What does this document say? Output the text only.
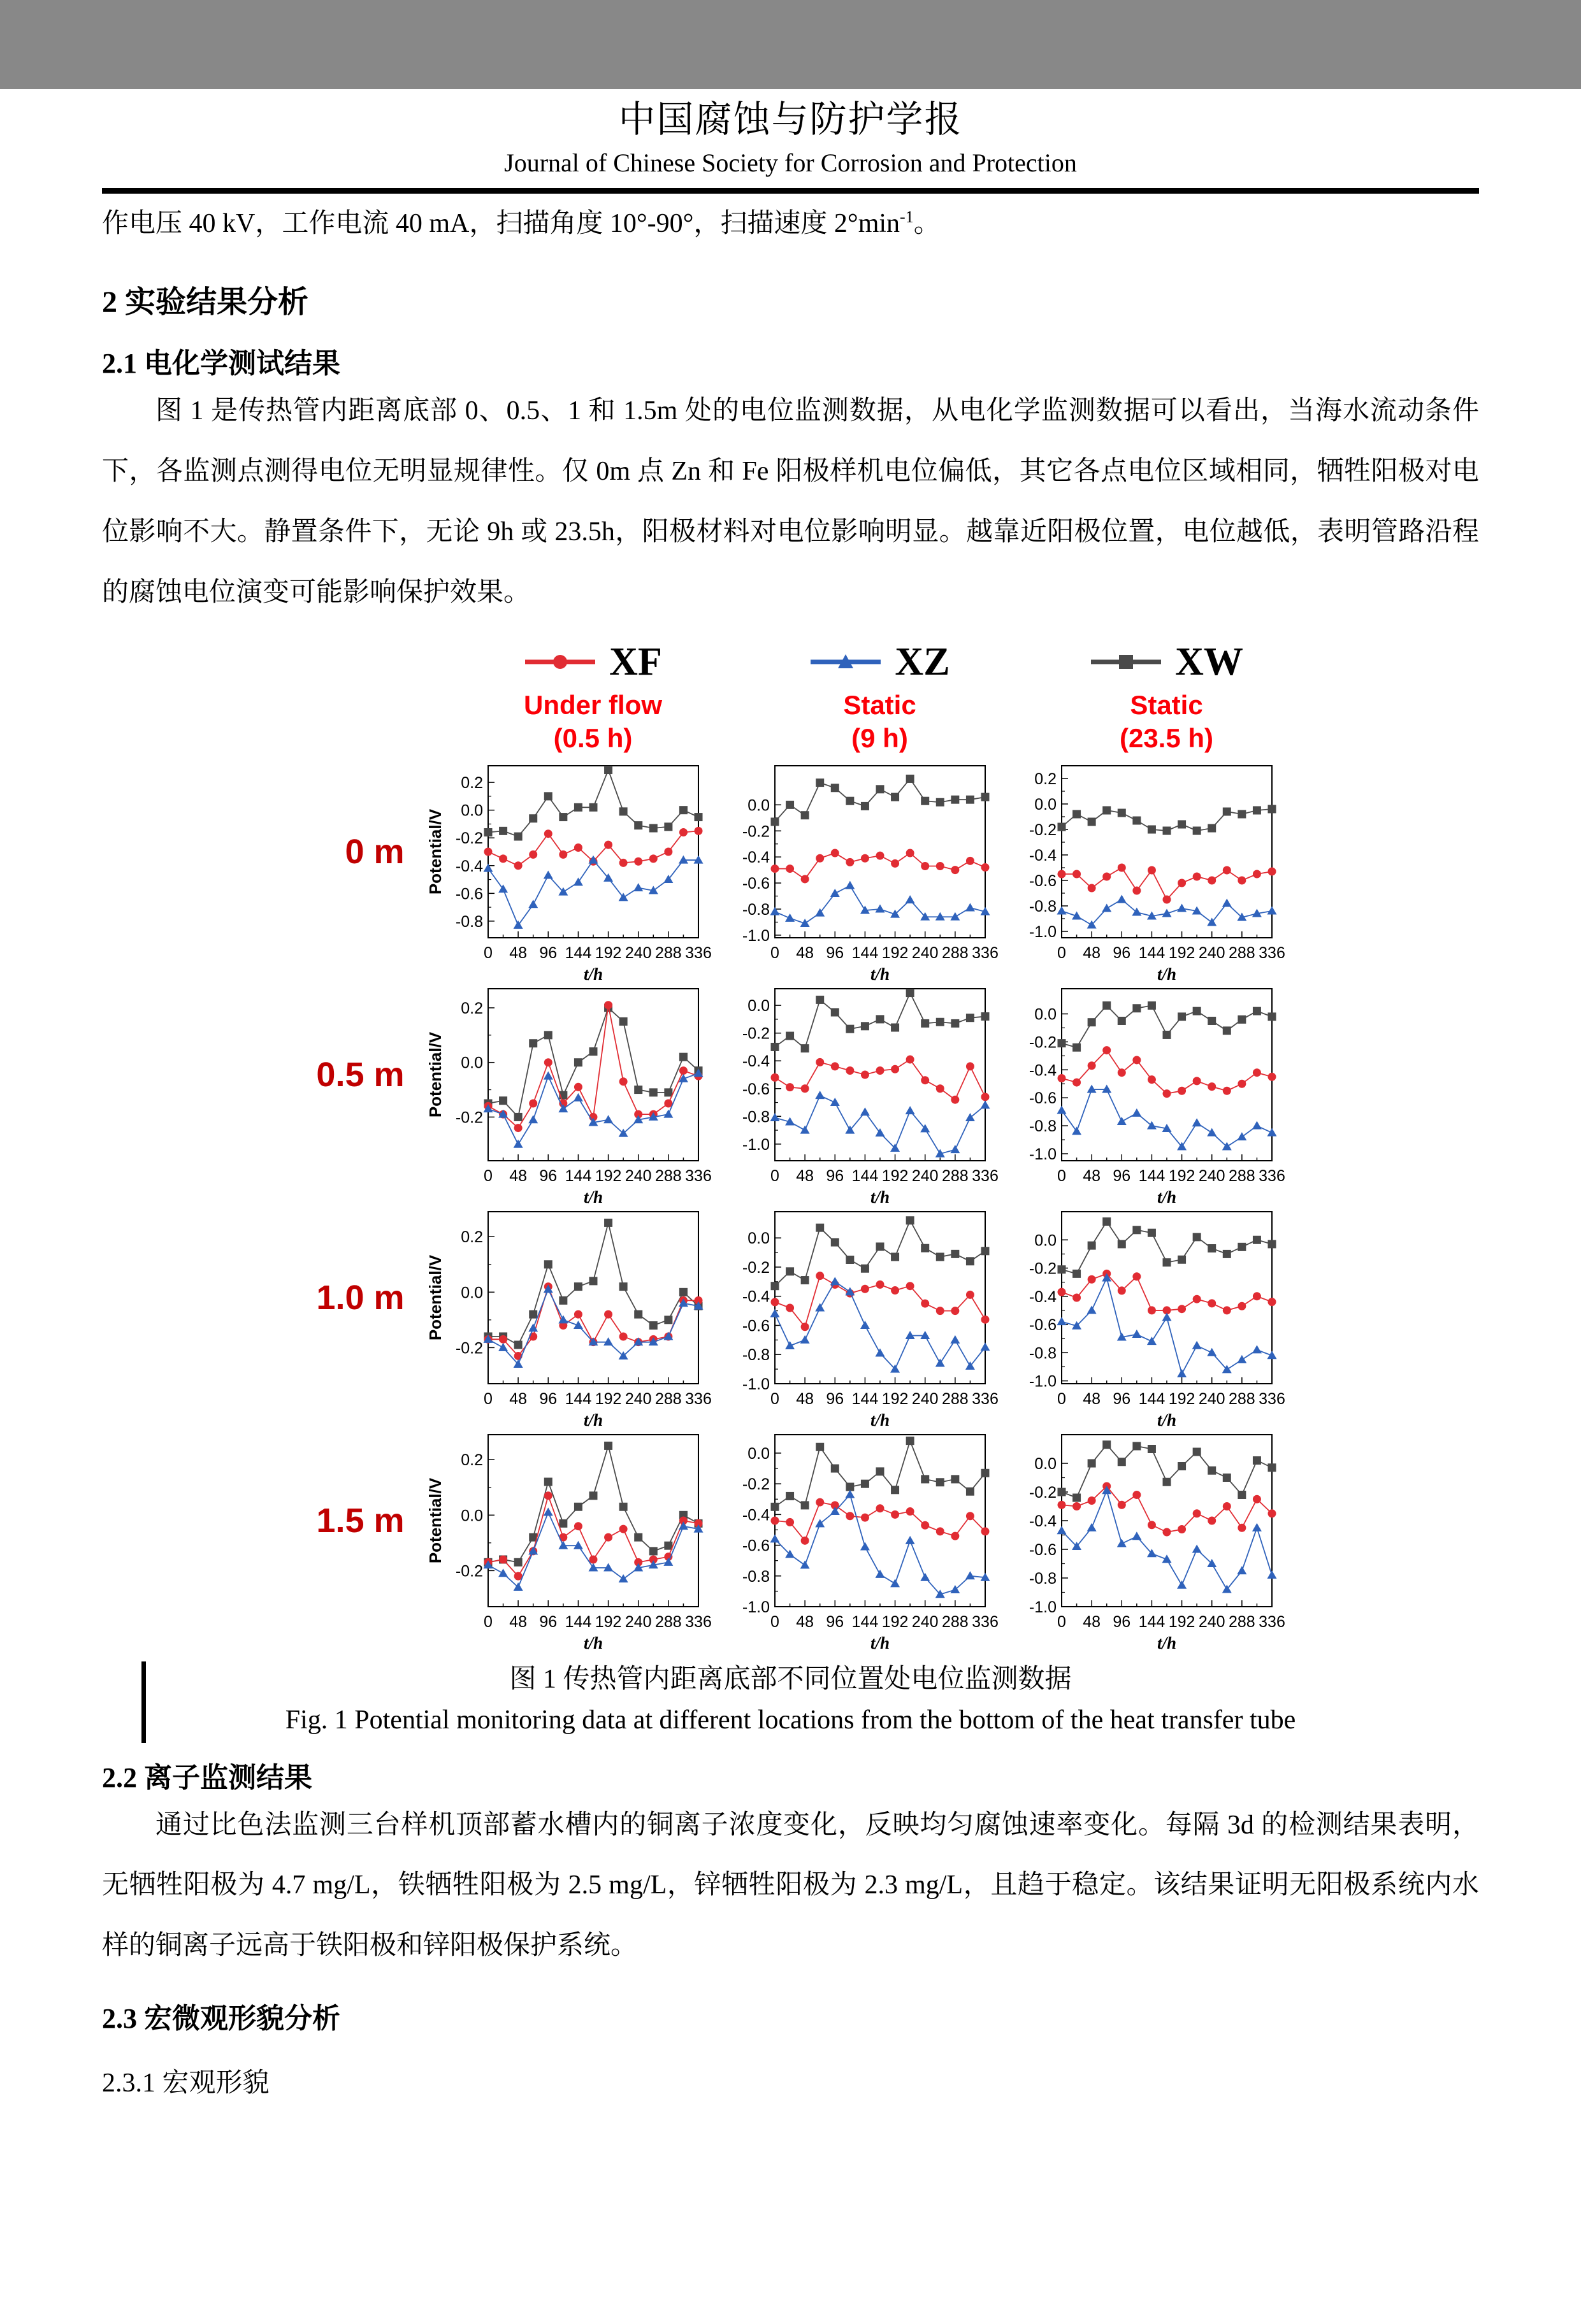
中国腐蚀与防护学报
Journal of Chinese Society for Corrosion and Protection

作电压 40 kV，工作电流 40 mA，扫描角度 10°-90°，扫描速度 $2^\circ\min^{-1}$。

2 实验结果分析
2.1 电化学测试结果

图 1 是传热管内距离底部 0、0.5、1 和 1.5m 处的电位监测数据，从电化学监测数据可以看出，当海水流动条件下，各监测点测得电位无明显规律性。仅 0m 点 Zn 和 Fe 阳极样机电位偏低，其它各点电位区域相同，牺牲阳极对电位影响不大。静置条件下，无论 9h 或 23.5h，阳极材料对电位影响明显。越靠近阳极位置，电位越低，表明管路沿程的腐蚀电位演变可能影响保护效果。

XF	XZ	XW
Under flow
(0.5 h)
Static
(9 h)
Static
(23.5 h)
0 m
0 48 96 144 192 240 288 336
0.2
0.0
-0.2
-0.4
-0.6
-0.8
t/h
Potential/V
0 48 96 144 192 240 288 336
0.0
-0.2
-0.4
-0.6
-0.8
-1.0
t/h
0 48 96 144 192 240 288 336
0.2
0.0
-0.2
-0.4
-0.6
-0.8
-1.0
t/h
0.5 m
0 48 96 144 192 240 288 336
0.2
0.0
-0.2
t/h
Potential/V
0 48 96 144 192 240 288 336
0.0
-0.2
-0.4
-0.6
-0.8
-1.0
t/h
0 48 96 144 192 240 288 336
0.0
-0.2
-0.4
-0.6
-0.8
-1.0
t/h
1.0 m
0 48 96 144 192 240 288 336
0.2
0.0
-0.2
t/h
Potential/V
0 48 96 144 192 240 288 336
0.0
-0.2
-0.4
-0.6
-0.8
-1.0
t/h
0 48 96 144 192 240 288 336
0.0
-0.2
-0.4
-0.6
-0.8
-1.0
t/h
1.5 m
0 48 96 144 192 240 288 336
0.2
0.0
-0.2
t/h
Potential/V
0 48 96 144 192 240 288 336
0.0
-0.2
-0.4
-0.6
-0.8
-1.0
t/h
0 48 96 144 192 240 288 336
0.0
-0.2
-0.4
-0.6
-0.8
-1.0
t/h
图 1 传热管内距离底部不同位置处电位监测数据
Fig. 1 Potential monitoring data at different locations from the bottom of the heat transfer tube
2.2 离子监测结果

通过比色法监测三台样机顶部蓄水槽内的铜离子浓度变化，反映均匀腐蚀速率变化。每隔 3d 的检测结果表明，无牺牲阳极为 4.7 mg/L，铁牺牲阳极为 2.5 mg/L，锌牺牲阳极为 2.3 mg/L，且趋于稳定。该结果证明无阳极系统内水样的铜离子远高于铁阳极和锌阳极保护系统。

2.3 宏微观形貌分析
2.3.1 宏观形貌
